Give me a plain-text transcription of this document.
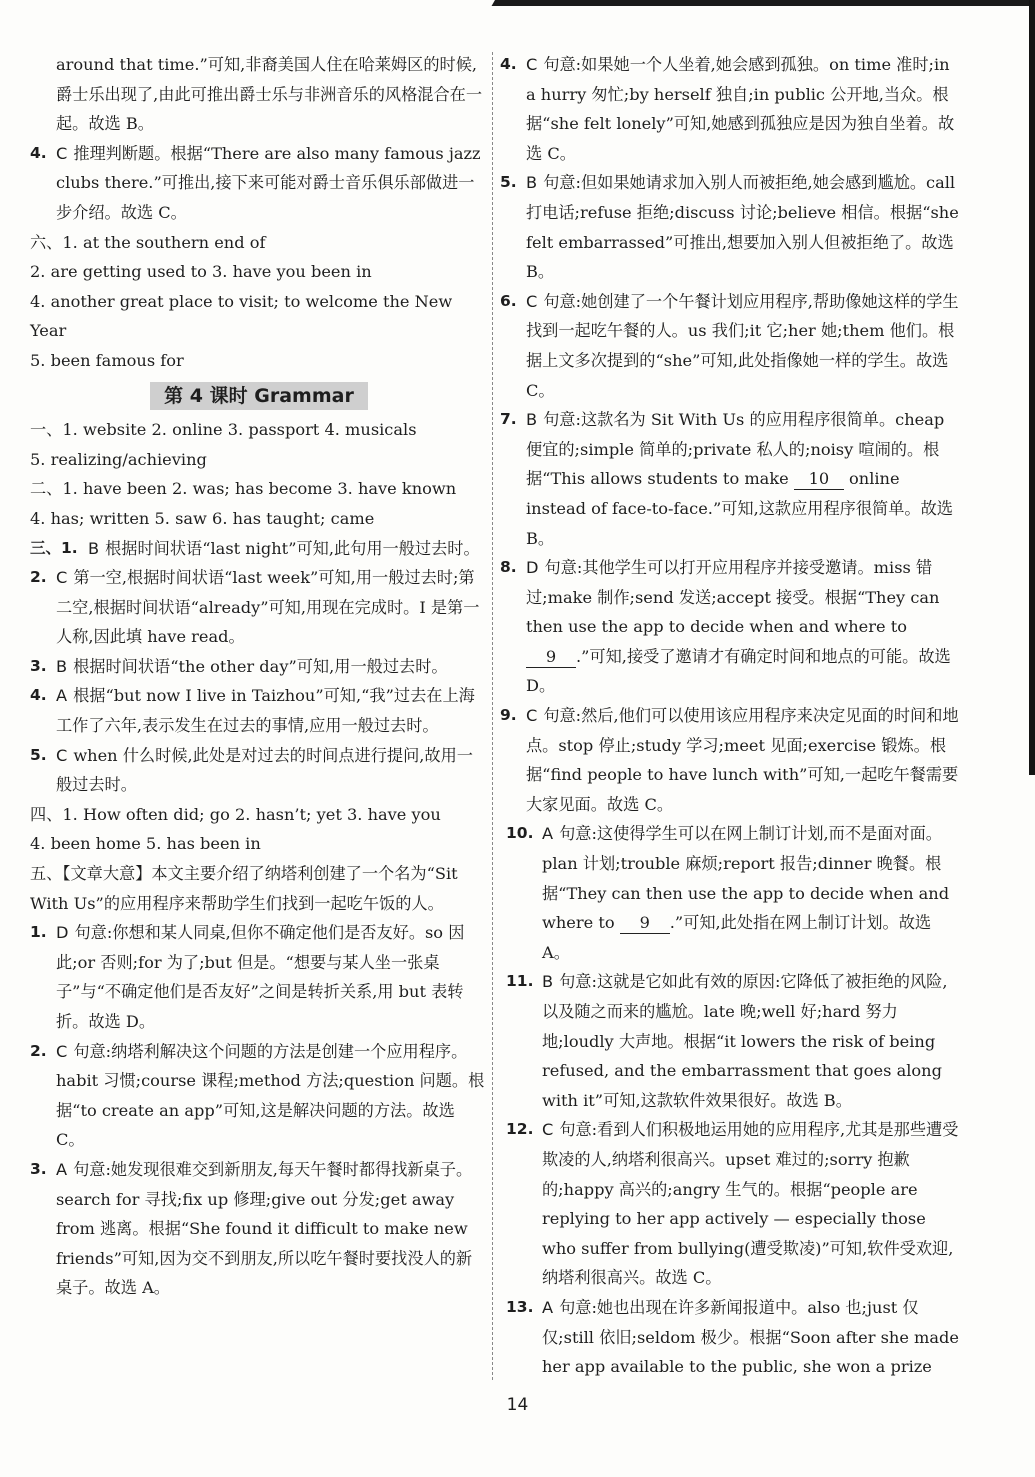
around that time.”可知,非裔美国人住在哈莱姆区的时候,爵士乐出现了,由此可推出爵士乐与非洲音乐的风格混合在一起。故选 B。
4. C 推理判断题。根据“There are also many famous jazz clubs there.”可推出,接下来可能对爵士音乐俱乐部做进一步介绍。故选 C。
六、1. at the southern end of
2. are getting used to 3. have you been in
4. another great place to visit; to welcome the New Year
5. been famous for
第 4 课时 Grammar
一、1. website 2. online 3. passport 4. musicals
5. realizing/achieving
二、1. have been 2. was; has become 3. have known
4. has; written 5. saw 6. has taught; came
三、1. B 根据时间状语“last night”可知,此句用一般过去时。
2. C 第一空,根据时间状语“last week”可知,用一般过去时;第二空,根据时间状语“already”可知,用现在完成时。I 是第一人称,因此填 have read。
3. B 根据时间状语“the other day”可知,用一般过去时。
4. A 根据“but now I live in Taizhou”可知,“我”过去在上海工作了六年,表示发生在过去的事情,应用一般过去时。
5. C when 什么时候,此处是对过去的时间点进行提问,故用一般过去时。
四、1. How often did; go 2. hasn’t; yet 3. have you
4. been home 5. has been in
五、【文章大意】本文主要介绍了纳塔利创建了一个名为“Sit With Us”的应用程序来帮助学生们找到一起吃午饭的人。
1. D 句意:你想和某人同桌,但你不确定他们是否友好。so 因此;or 否则;for 为了;but 但是。“想要与某人坐一张桌子”与“不确定他们是否友好”之间是转折关系,用 but 表转折。故选 D。
2. C 句意:纳塔利解决这个问题的方法是创建一个应用程序。habit 习惯;course 课程;method 方法;question 问题。根据“to create an app”可知,这是解决问题的方法。故选 C。
3. A 句意:她发现很难交到新朋友,每天午餐时都得找新桌子。search for 寻找;fix up 修理;give out 分发;get away from 逃离。根据“She found it difficult to make new friends”可知,因为交不到朋友,所以吃午餐时要找没人的新桌子。故选 A。
4. C 句意:如果她一个人坐着,她会感到孤独。on time 准时;in a hurry 匆忙;by herself 独自;in public 公开地,当众。根据“she felt lonely”可知,她感到孤独应是因为独自坐着。故选 C。
5. B 句意:但如果她请求加入别人而被拒绝,她会感到尴尬。call 打电话;refuse 拒绝;discuss 讨论;believe 相信。根据“she felt embarrassed”可推出,想要加入别人但被拒绝了。故选 B。
6. C 句意:她创建了一个午餐计划应用程序,帮助像她这样的学生找到一起吃午餐的人。us 我们;it 它;her 她;them 他们。根据上文多次提到的“she”可知,此处指像她一样的学生。故选 C。
7. B 句意:这款名为 Sit With Us 的应用程序很简单。cheap 便宜的;simple 简单的;private 私人的;noisy 喧闹的。根据“This allows students to make 10 online instead of face-to-face.”可知,这款应用程序很简单。故选 B。
8. D 句意:其他学生可以打开应用程序并接受邀请。miss 错过;make 制作;send 发送;accept 接受。根据“They can then use the app to decide when and where to 9 .”可知,接受了邀请才有确定时间和地点的可能。故选 D。
9. C 句意:然后,他们可以使用该应用程序来决定见面的时间和地点。stop 停止;study 学习;meet 见面;exercise 锻炼。根据“find people to have lunch with”可知,一起吃午餐需要大家见面。故选 C。
10. A 句意:这使得学生可以在网上制订计划,而不是面对面。plan 计划;trouble 麻烦;report 报告;dinner 晚餐。根据“They can then use the app to decide when and where to 9 .”可知,此处指在网上制订计划。故选 A。
11. B 句意:这就是它如此有效的原因:它降低了被拒绝的风险,以及随之而来的尴尬。late 晚;well 好;hard 努力地;loudly 大声地。根据“it lowers the risk of being refused, and the embarrassment that goes along with it”可知,这款软件效果很好。故选 B。
12. C 句意:看到人们积极地运用她的应用程序,尤其是那些遭受欺凌的人,纳塔利很高兴。upset 难过的;sorry 抱歉的;happy 高兴的;angry 生气的。根据“people are replying to her app actively — especially those who suffer from bullying(遭受欺凌)”可知,软件受欢迎,纳塔利很高兴。故选 C。
13. A 句意:她也出现在许多新闻报道中。also 也;just 仅仅;still 依旧;seldom 极少。根据“Soon after she made her app available to the public, she won a prize
14
